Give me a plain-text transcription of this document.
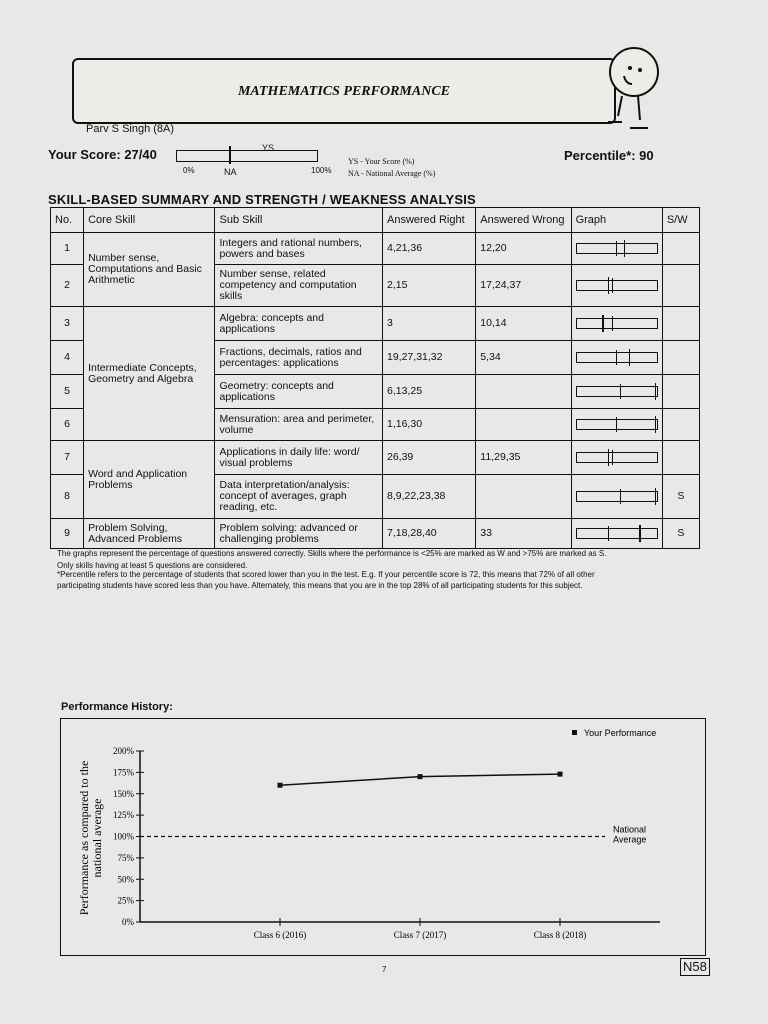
MATHEMATICS PERFORMANCE
Parv S Singh (8A)
Your Score: 27/40	YS
0%	NA	100%
YS - Your Score (%)
NA - National Average (%)
Percentile*: 90
SKILL-BASED SUMMARY AND STRENGTH / WEAKNESS ANALYSIS
No.	Core Skill	Sub Skill	Answered Right	Answered Wrong	Graph	S/W
1	Number sense, Computations and Basic Arithmetic	Integers and rational numbers, powers and bases	4,21,36	12,20	

2		Number sense, related competency and computation skills	2,15	17,24,37	

3	Intermediate Concepts, Geometry and Algebra	Algebra: concepts and applications	3	10,14	

4		Fractions, decimals, ratios and percentages: applications	19,27,31,32	5,34	

5		Geometry: concepts and applications	6,13,25		

6		Mensuration: area and perimeter, volume	1,16,30		

7	Word and Application Problems	Applications in daily life: word/ visual problems	26,39	11,29,35	

8		Data interpretation/analysis: concept of averages, graph reading, etc.	8,9,22,23,38			S
9	Problem Solving, Advanced Problems	Problem solving: advanced or challenging problems	7,18,28,40	33		S
The graphs represent the percentage of questions answered correctly. Skills where the performance is <25% are marked as W and >75% are marked as S.
Only skills having at least 5 questions are considered.
*Percentile refers to the percentage of students that scored lower than you in the test. E.g. If your percentile score is 72, this means that 72% of all other
participating students have scored less than you have. Alternately, this means that you are in the top 28% of all participating students for this subject.
Performance History:
0%
25%
50%
75%
100%
125%
150%
175%
200%
Class 6 (2016)	Class 7 (2017)	Class 8 (2018)
National Average
Your Performance
Performance as compared to thenational average
7	N58
